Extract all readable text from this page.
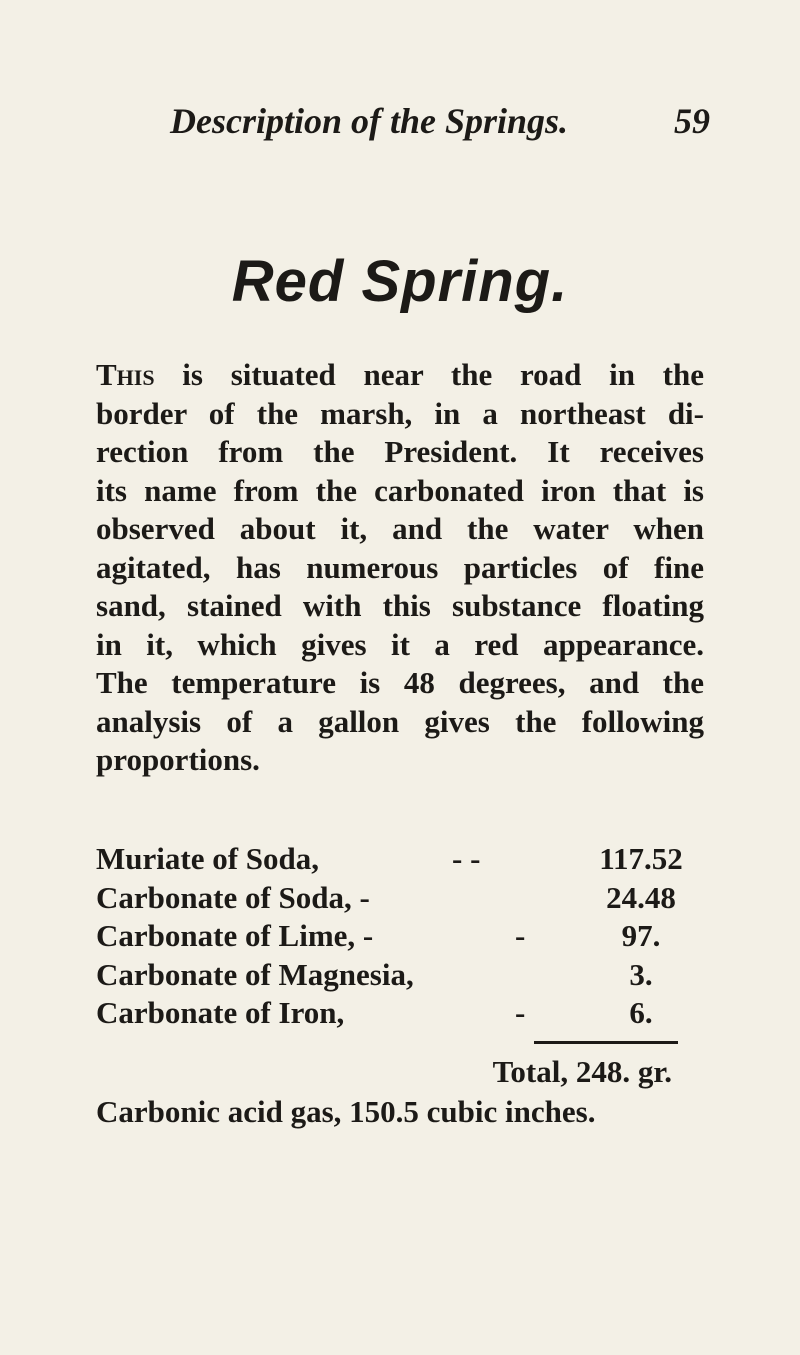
Description of the Springs.	59
Red Spring.
This is situated near the road in the
border of the marsh, in a northeast di-
rection from the President. It receives
its name from the carbonated iron that is
observed about it, and the water when
agitated, has numerous particles of fine
sand, stained with this substance floating
in it, which gives it a red appearance.
The temperature is 48 degrees, and the
analysis of a gallon gives the following
proportions.
Muriate of Soda,	- -	117.52
Carbonate of Soda, -	24.48
Carbonate of Lime, -	-	97.
Carbonate of Magnesia,	3.
Carbonate of Iron,	-	6.
Total, 248. gr.
Carbonic acid gas, 150.5 cubic inches.
